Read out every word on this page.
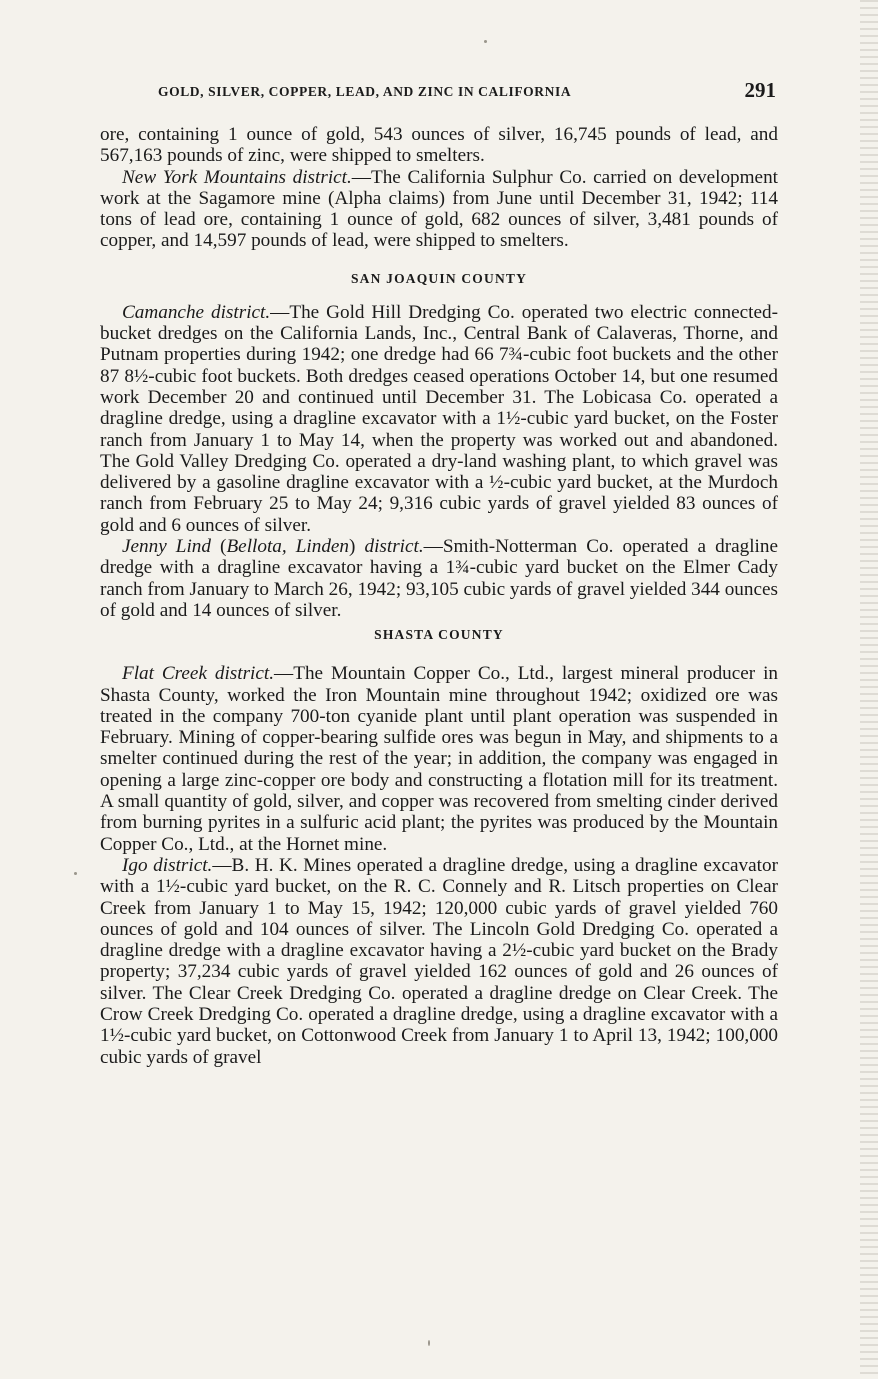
GOLD, SILVER, COPPER, LEAD, AND ZINC IN CALIFORNIA	291

ore, containing 1 ounce of gold, 543 ounces of silver, 16,745 pounds of lead, and 567,163 pounds of zinc, were shipped to smelters.

New York Mountains district.—The California Sulphur Co. carried on development work at the Sagamore mine (Alpha claims) from June until December 31, 1942; 114 tons of lead ore, containing 1 ounce of gold, 682 ounces of silver, 3,481 pounds of copper, and 14,597 pounds of lead, were shipped to smelters.

SAN JOAQUIN COUNTY

Camanche district.—The Gold Hill Dredging Co. operated two electric connected-bucket dredges on the California Lands, Inc., Central Bank of Calaveras, Thorne, and Putnam properties during 1942; one dredge had 66 7¾-cubic foot buckets and the other 87 8½-cubic foot buckets. Both dredges ceased operations October 14, but one resumed work December 20 and continued until December 31. The Lobicasa Co. operated a dragline dredge, using a dragline excavator with a 1½-cubic yard bucket, on the Foster ranch from January 1 to May 14, when the property was worked out and abandoned. The Gold Valley Dredging Co. operated a dry-land washing plant, to which gravel was delivered by a gasoline dragline excavator with a ½-cubic yard bucket, at the Murdoch ranch from February 25 to May 24; 9,316 cubic yards of gravel yielded 83 ounces of gold and 6 ounces of silver.

Jenny Lind (Bellota, Linden) district.—Smith-Notterman Co. operated a dragline dredge with a dragline excavator having a 1¾-cubic yard bucket on the Elmer Cady ranch from January to March 26, 1942; 93,105 cubic yards of gravel yielded 344 ounces of gold and 14 ounces of silver.

SHASTA COUNTY

Flat Creek district.—The Mountain Copper Co., Ltd., largest mineral producer in Shasta County, worked the Iron Mountain mine throughout 1942; oxidized ore was treated in the company 700-ton cyanide plant until plant operation was suspended in February. Mining of copper-bearing sulfide ores was begun in May, and shipments to a smelter continued during the rest of the year; in addition, the company was engaged in opening a large zinc-copper ore body and constructing a flotation mill for its treatment. A small quantity of gold, silver, and copper was recovered from smelting cinder derived from burning pyrites in a sulfuric acid plant; the pyrites was produced by the Mountain Copper Co., Ltd., at the Hornet mine.

Igo district.—B. H. K. Mines operated a dragline dredge, using a dragline excavator with a 1½-cubic yard bucket, on the R. C. Connely and R. Litsch properties on Clear Creek from January 1 to May 15, 1942; 120,000 cubic yards of gravel yielded 760 ounces of gold and 104 ounces of silver. The Lincoln Gold Dredging Co. operated a dragline dredge with a dragline excavator having a 2½-cubic yard bucket on the Brady property; 37,234 cubic yards of gravel yielded 162 ounces of gold and 26 ounces of silver. The Clear Creek Dredging Co. operated a dragline dredge on Clear Creek. The Crow Creek Dredging Co. operated a dragline dredge, using a dragline excavator with a 1½-cubic yard bucket, on Cottonwood Creek from January 1 to April 13, 1942; 100,000 cubic yards of gravel
